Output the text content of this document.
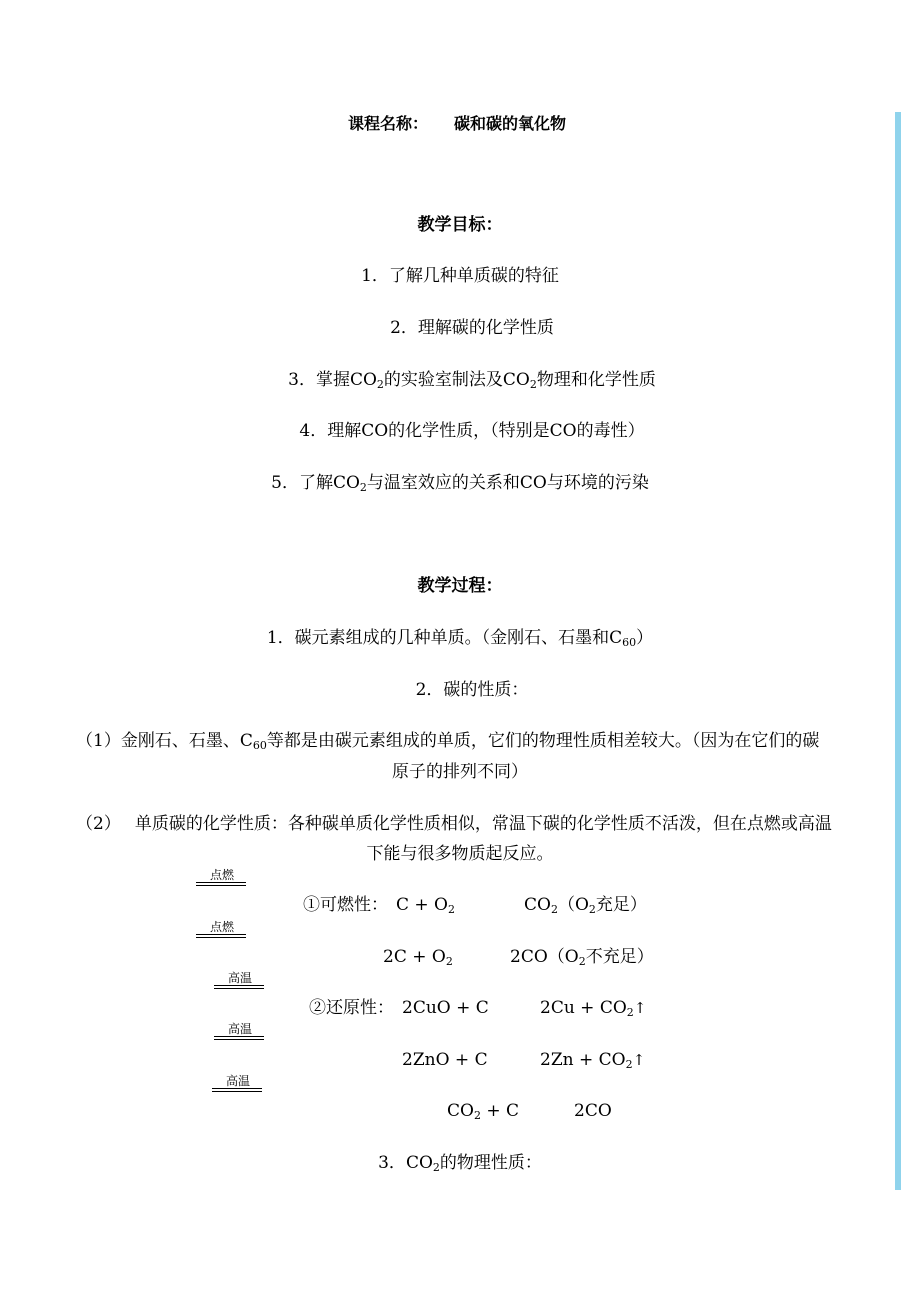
课程名称： 碳和碳的氧化物
教学目标：
1．了解几种单质碳的特征
2．理解碳的化学性质
3．掌握$CO_2$的实验室制法及$CO_2$物理和化学性质
4．理解CO的化学性质，（特别是CO的毒性）
5．了解$CO_2$与温室效应的关系和CO与环境的污染
教学过程：
1．碳元素组成的几种单质。（金刚石、石墨和$C_{60}$）
2．碳的性质：
（1）金刚石、石墨、$C_{60}$等都是由碳元素组成的单质，它们的物理性质相差较大。（因为在它们的碳
原子的排列不同）
（2） 单质碳的化学性质：各种碳单质化学性质相似，常温下碳的化学性质不活泼，但在点燃或高温
下能与很多物质起反应。
点燃
点燃
高温
高温
高温
①可燃性： $C + O_2$	$CO_2(O_2$充足）
$2C + O_2$	$2CO(O_2$不充足）
②还原性： 2CuO + C	$2Cu + CO_2↑$
2ZnO + C	$2Zn + CO_2↑$
$CO_2 + C$	2CO
3．$CO_2$的物理性质：
